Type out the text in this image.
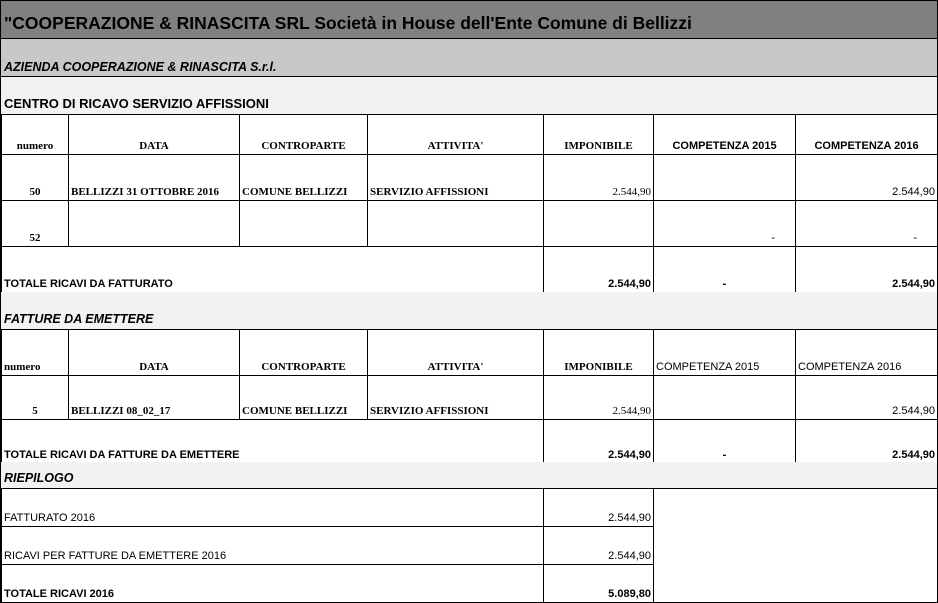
"COOPERAZIONE & RINASCITA SRL Società in House dell'Ente Comune di Bellizzi
AZIENDA COOPERAZIONE & RINASCITA S.r.l.
CENTRO DI RICAVO SERVIZIO AFFISSIONI
numero	DATA	CONTROPARTE	ATTIVITA'	IMPONIBILE	COMPETENZA 2015	COMPETENZA 2016
50	BELLIZZI 31 OTTOBRE 2016	COMUNE BELLIZZI	SERVIZIO AFFISSIONI	2.544,90		2.544,90
52					-	-
TOTALE RICAVI DA FATTURATO				2.544,90	-	2.544,90
FATTURE DA EMETTERE
numero	DATA	CONTROPARTE	ATTIVITA'	IMPONIBILE	COMPETENZA 2015	COMPETENZA 2016
5	BELLIZZI 08_02_17	COMUNE BELLIZZI	SERVIZIO AFFISSIONI	2.544,90		2.544,90
TOTALE RICAVI DA FATTURE DA EMETTERE				2.544,90	-	2.544,90
RIEPILOGO
FATTURATO 2016	2.544,90
RICAVI PER FATTURE DA EMETTERE 2016	2.544,90
TOTALE RICAVI 2016	5.089,80
